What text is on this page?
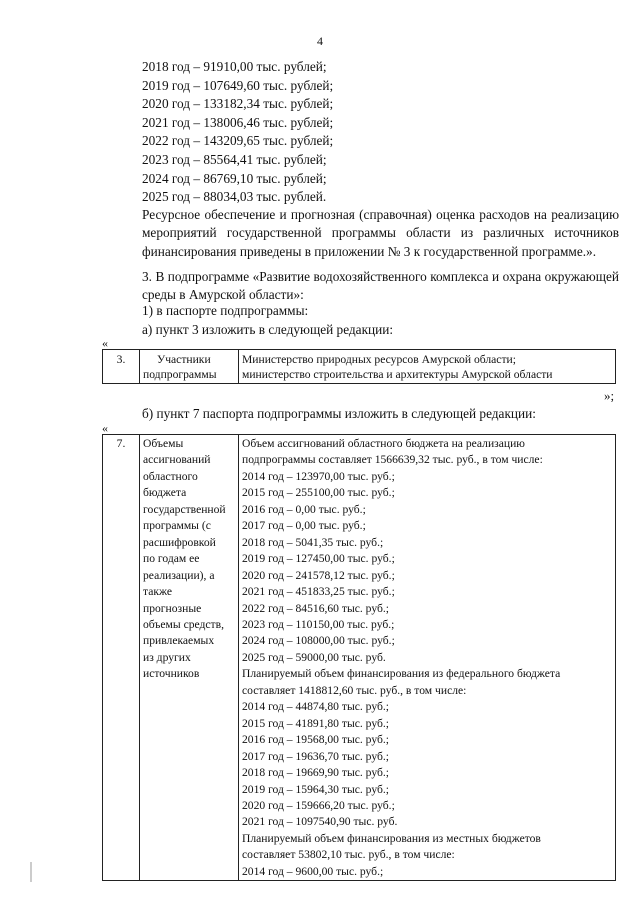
4
2018 год – 91910,00 тыс. рублей;
2019 год – 107649,60 тыс. рублей;
2020 год – 133182,34 тыс. рублей;
2021 год – 138006,46 тыс. рублей;
2022 год – 143209,65 тыс. рублей;
2023 год – 85564,41 тыс. рублей;
2024 год – 86769,10 тыс. рублей;
2025 год – 88034,03 тыс. рублей.
Ресурсное обеспечение и прогнозная (справочная) оценка расходов на реализацию мероприятий государственной программы области из различных источников финансирования приведены в приложении № 3 к государственной программе.».
3. В подпрограмме «Развитие водохозяйственного комплекса и охрана окружающей среды в Амурской области»:
1) в паспорте подпрограммы:
а) пункт 3 изложить в следующей редакции:
«
3.	Участники
подпрограммы

Министерство природных ресурсов Амурской области;
министерство строительства и архитектуры Амурской области
»;
б) пункт 7 паспорта подпрограммы изложить в следующей редакции:
«
7.	Объемы
ассигнований
областного
бюджета
государственной
программы (с
расшифровкой
по годам ее
реализации), а
также
прогнозные
объемы средств,
привлекаемых
из других
источников

Объем ассигнований областного бюджета на реализацию
подпрограммы составляет 1566639,32 тыс. руб., в том числе:
2014 год – 123970,00 тыс. руб.;
2015 год – 255100,00 тыс. руб.;
2016 год – 0,00 тыс. руб.;
2017 год – 0,00 тыс. руб.;
2018 год – 5041,35 тыс. руб.;
2019 год – 127450,00 тыс. руб.;
2020 год – 241578,12 тыс. руб.;
2021 год – 451833,25 тыс. руб.;
2022 год – 84516,60 тыс. руб.;
2023 год – 110150,00 тыс. руб.;
2024 год – 108000,00 тыс. руб.;
2025 год – 59000,00 тыс. руб.
Планируемый объем финансирования из федерального бюджета
составляет 1418812,60 тыс. руб., в том числе:
2014 год – 44874,80 тыс. руб.;
2015 год – 41891,80 тыс. руб.;
2016 год – 19568,00 тыс. руб.;
2017 год – 19636,70 тыс. руб.;
2018 год – 19669,90 тыс. руб.;
2019 год – 15964,30 тыс. руб.;
2020 год – 159666,20 тыс. руб.;
2021 год – 1097540,90 тыс. руб.
Планируемый объем финансирования из местных бюджетов
составляет 53802,10 тыс. руб., в том числе:
2014 год – 9600,00 тыс. руб.;
